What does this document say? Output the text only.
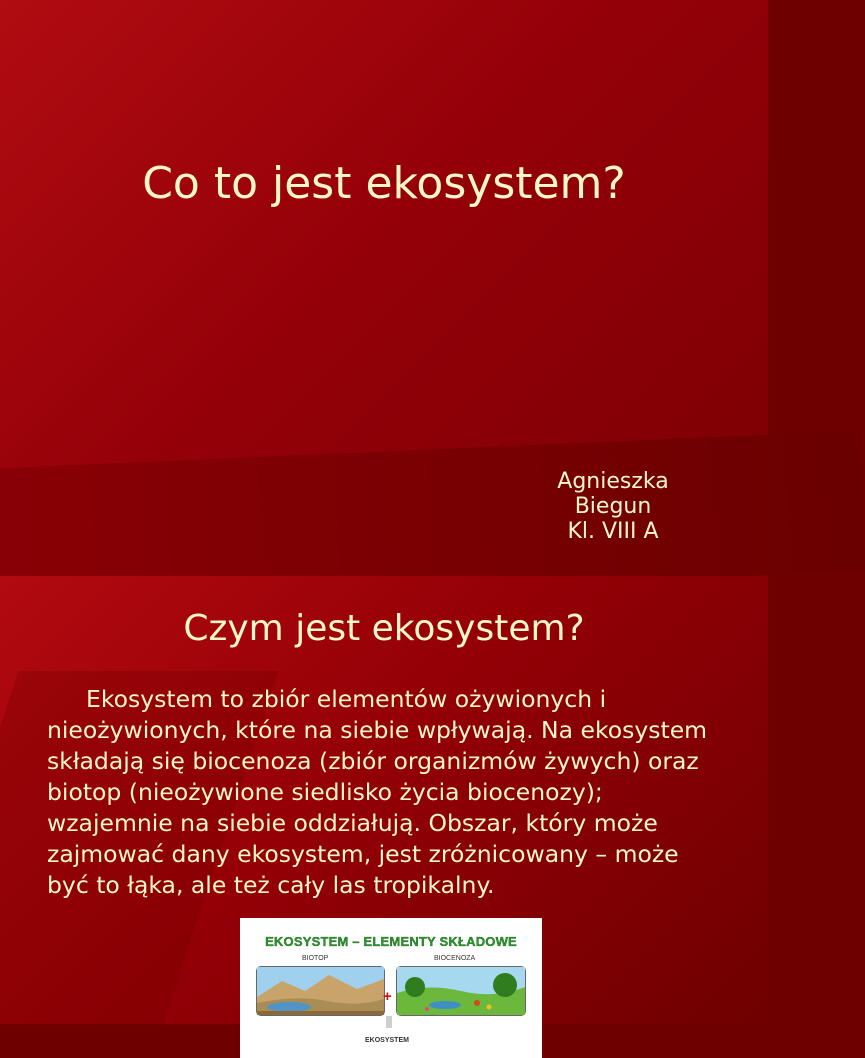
Co to jest ekosystem?
Agnieszka
Biegun
Kl. VIII A
Czym jest ekosystem?

Ekosystem to zbiór elementów ożywionych i nieożywionych, które na siebie wpływają. Na ekosystem składają się biocenoza (zbiór organizmów żywych) oraz biotop (nieożywione siedlisko życia biocenozy); wzajemnie na siebie oddziałują. Obszar, który może zajmować dany ekosystem, jest zróżnicowany – może być to łąka, ale też cały las tropikalny.

EKOSYSTEM – ELEMENTY SKŁADOWE
BIOTOP	BIOCENOZA
+
EKOSYSTEM
